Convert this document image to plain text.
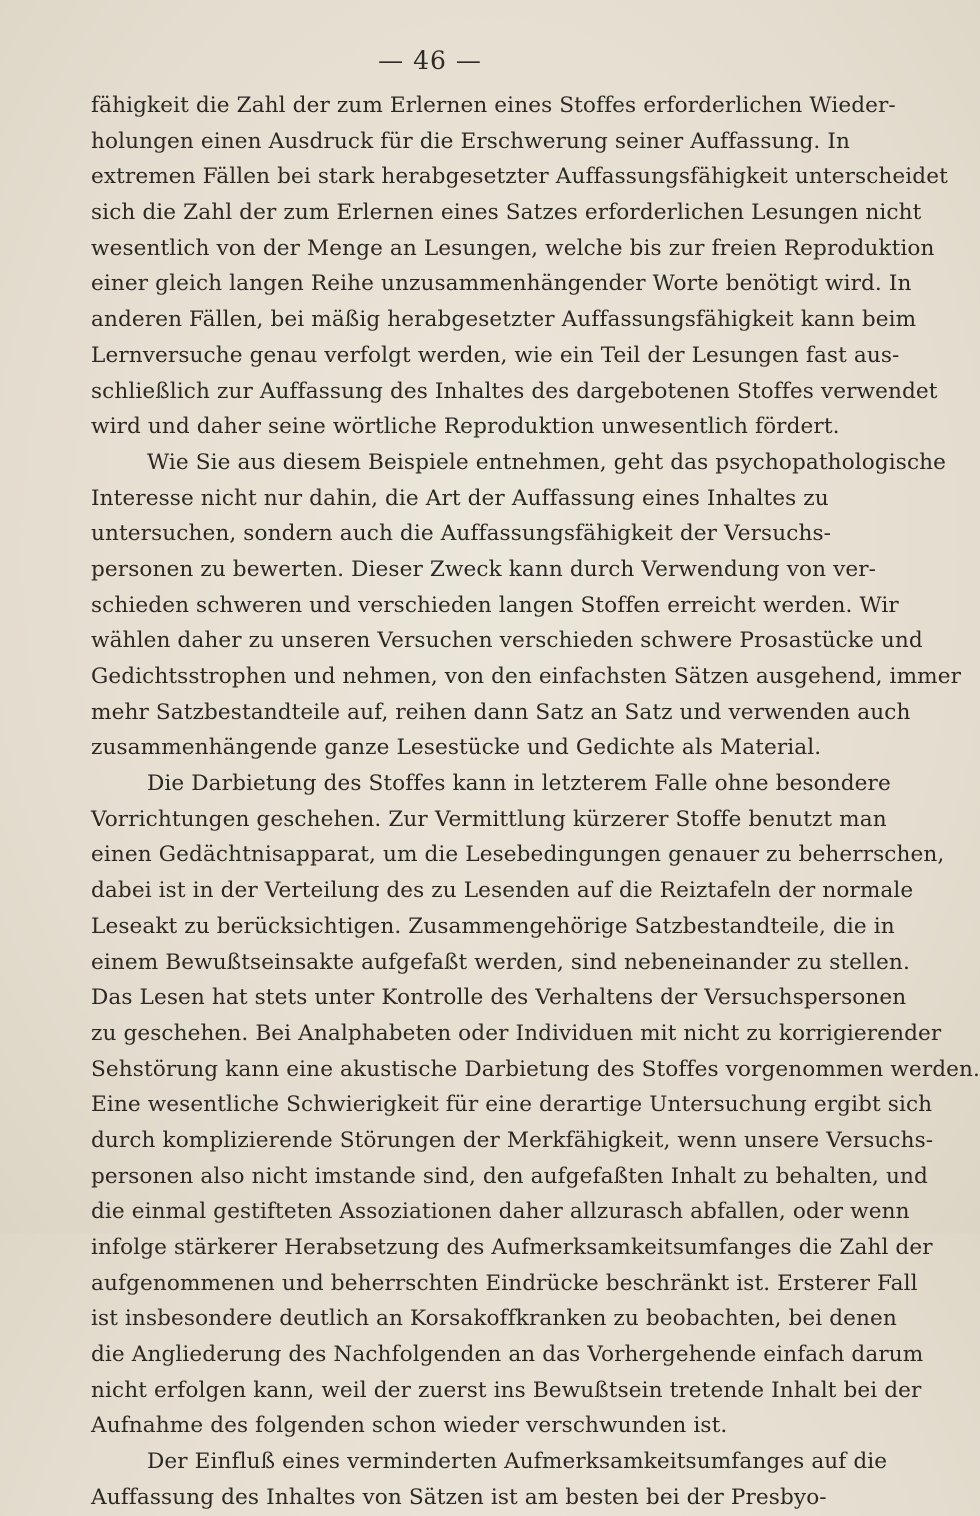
— 46 —
fähigkeit die Zahl der zum Erlernen eines Stoffes erforderlichen Wieder-
holungen einen Ausdruck für die Erschwerung seiner Auffassung. In
extremen Fällen bei stark herabgesetzter Auffassungsfähigkeit unterscheidet
sich die Zahl der zum Erlernen eines Satzes erforderlichen Lesungen nicht
wesentlich von der Menge an Lesungen, welche bis zur freien Reproduktion
einer gleich langen Reihe unzusammenhängender Worte benötigt wird. In
anderen Fällen, bei mäßig herabgesetzter Auffassungsfähigkeit kann beim
Lernversuche genau verfolgt werden, wie ein Teil der Lesungen fast aus-
schließlich zur Auffassung des Inhaltes des dargebotenen Stoffes verwendet
wird und daher seine wörtliche Reproduktion unwesentlich fördert.
Wie Sie aus diesem Beispiele entnehmen, geht das psychopathologische
Interesse nicht nur dahin, die Art der Auffassung eines Inhaltes zu
untersuchen, sondern auch die Auffassungsfähigkeit der Versuchs-
personen zu bewerten. Dieser Zweck kann durch Verwendung von ver-
schieden schweren und verschieden langen Stoffen erreicht werden. Wir
wählen daher zu unseren Versuchen verschieden schwere Prosastücke und
Gedichtsstrophen und nehmen, von den einfachsten Sätzen ausgehend, immer
mehr Satzbestandteile auf, reihen dann Satz an Satz und verwenden auch
zusammenhängende ganze Lesestücke und Gedichte als Material.
Die Darbietung des Stoffes kann in letzterem Falle ohne besondere
Vorrichtungen geschehen. Zur Vermittlung kürzerer Stoffe benutzt man
einen Gedächtnisapparat, um die Lesebedingungen genauer zu beherrschen,
dabei ist in der Verteilung des zu Lesenden auf die Reiztafeln der normale
Leseakt zu berücksichtigen. Zusammengehörige Satzbestandteile, die in
einem Bewußtseinsakte aufgefaßt werden, sind nebeneinander zu stellen.
Das Lesen hat stets unter Kontrolle des Verhaltens der Versuchspersonen
zu geschehen. Bei Analphabeten oder Individuen mit nicht zu korrigierender
Sehstörung kann eine akustische Darbietung des Stoffes vorgenommen werden.
Eine wesentliche Schwierigkeit für eine derartige Untersuchung ergibt sich
durch komplizierende Störungen der Merkfähigkeit, wenn unsere Versuchs-
personen also nicht imstande sind, den aufgefaßten Inhalt zu behalten, und
die einmal gestifteten Assoziationen daher allzurasch abfallen, oder wenn
infolge stärkerer Herabsetzung des Aufmerksamkeitsumfanges die Zahl der
aufgenommenen und beherrschten Eindrücke beschränkt ist. Ersterer Fall
ist insbesondere deutlich an Korsakoffkranken zu beobachten, bei denen
die Angliederung des Nachfolgenden an das Vorhergehende einfach darum
nicht erfolgen kann, weil der zuerst ins Bewußtsein tretende Inhalt bei der
Aufnahme des folgenden schon wieder verschwunden ist.
Der Einfluß eines verminderten Aufmerksamkeitsumfanges auf die
Auffassung des Inhaltes von Sätzen ist am besten bei der Presbyo-
